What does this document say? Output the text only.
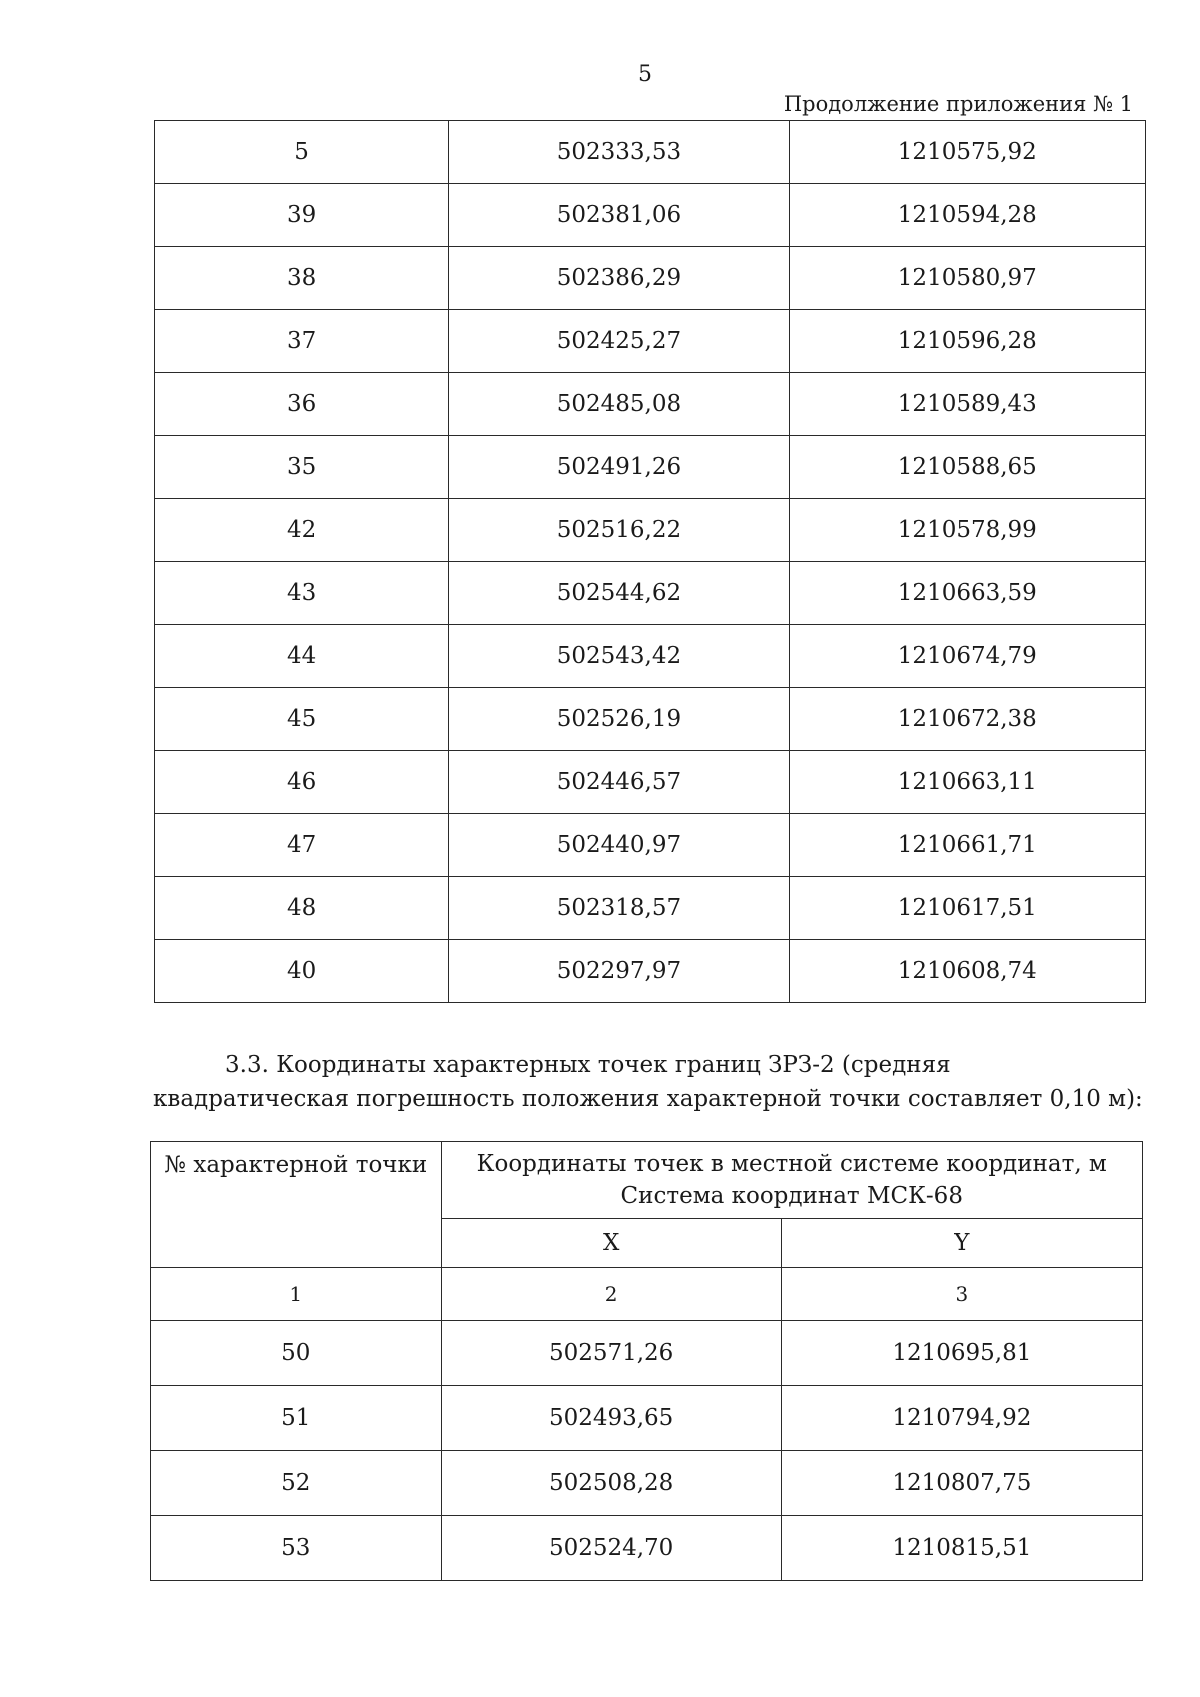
5
Продолжение приложения № 1
5	502333,53	1210575,92
39	502381,06	1210594,28
38	502386,29	1210580,97
37	502425,27	1210596,28
36	502485,08	1210589,43
35	502491,26	1210588,65
42	502516,22	1210578,99
43	502544,62	1210663,59
44	502543,42	1210674,79
45	502526,19	1210672,38
46	502446,57	1210663,11
47	502440,97	1210661,71
48	502318,57	1210617,51
40	502297,97	1210608,74
3.3. Координаты характерных точек границ ЗРЗ-2 (средняя квадратическая погрешность положения характерной точки составляет 0,10 м):
№ характерной точки	Координаты точек в местной системе координат, м
Система координат МСК-68	

	X	Y
1	2	3
50	502571,26	1210695,81
51	502493,65	1210794,92
52	502508,28	1210807,75
53	502524,70	1210815,51
